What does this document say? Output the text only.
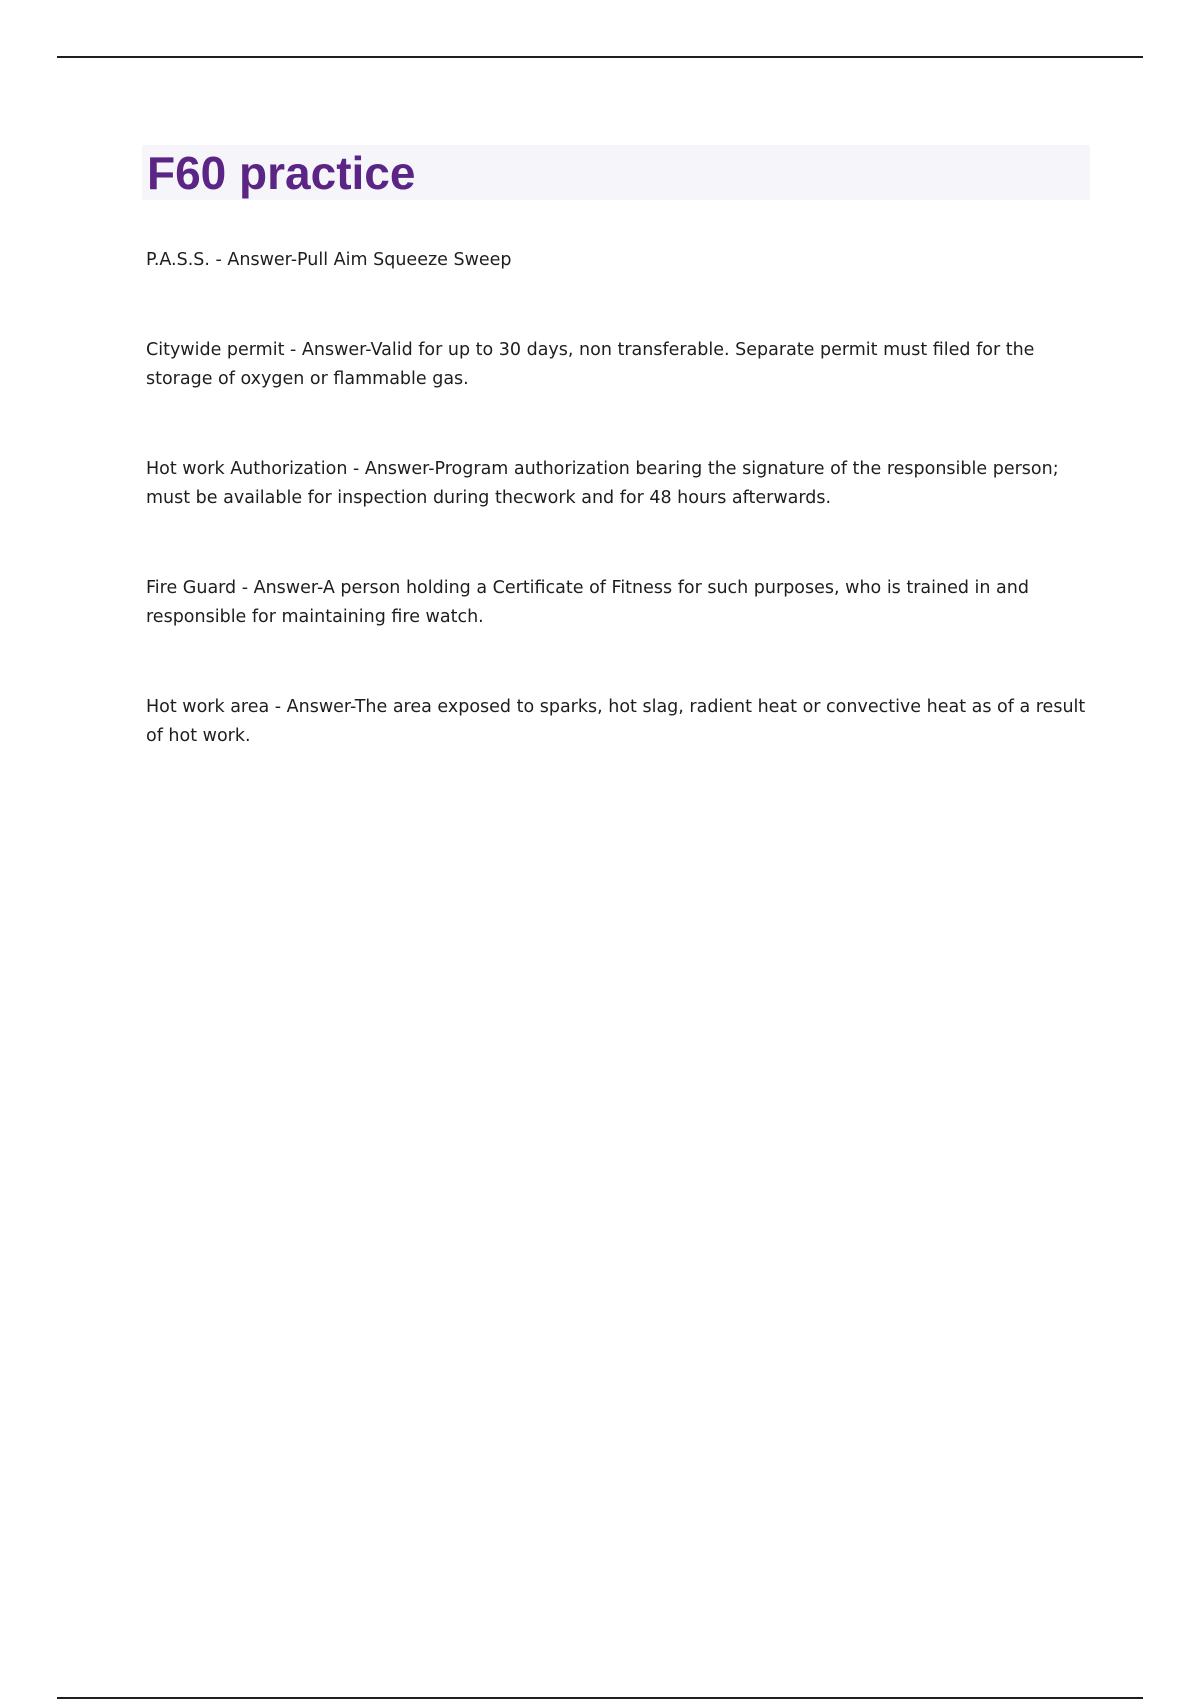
F60 practice

P.A.S.S. - Answer-Pull Aim Squeeze Sweep

Citywide permit - Answer-Valid for up to 30 days, non transferable. Separate permit must filed for the storage of oxygen or flammable gas.

Hot work Authorization - Answer-Program authorization bearing the signature of the responsible person; must be available for inspection during thecwork and for 48 hours afterwards.

Fire Guard - Answer-A person holding a Certificate of Fitness for such purposes, who is trained in and responsible for maintaining fire watch.

Hot work area - Answer-The area exposed to sparks, hot slag, radient heat or convective heat as of a result of hot work.
